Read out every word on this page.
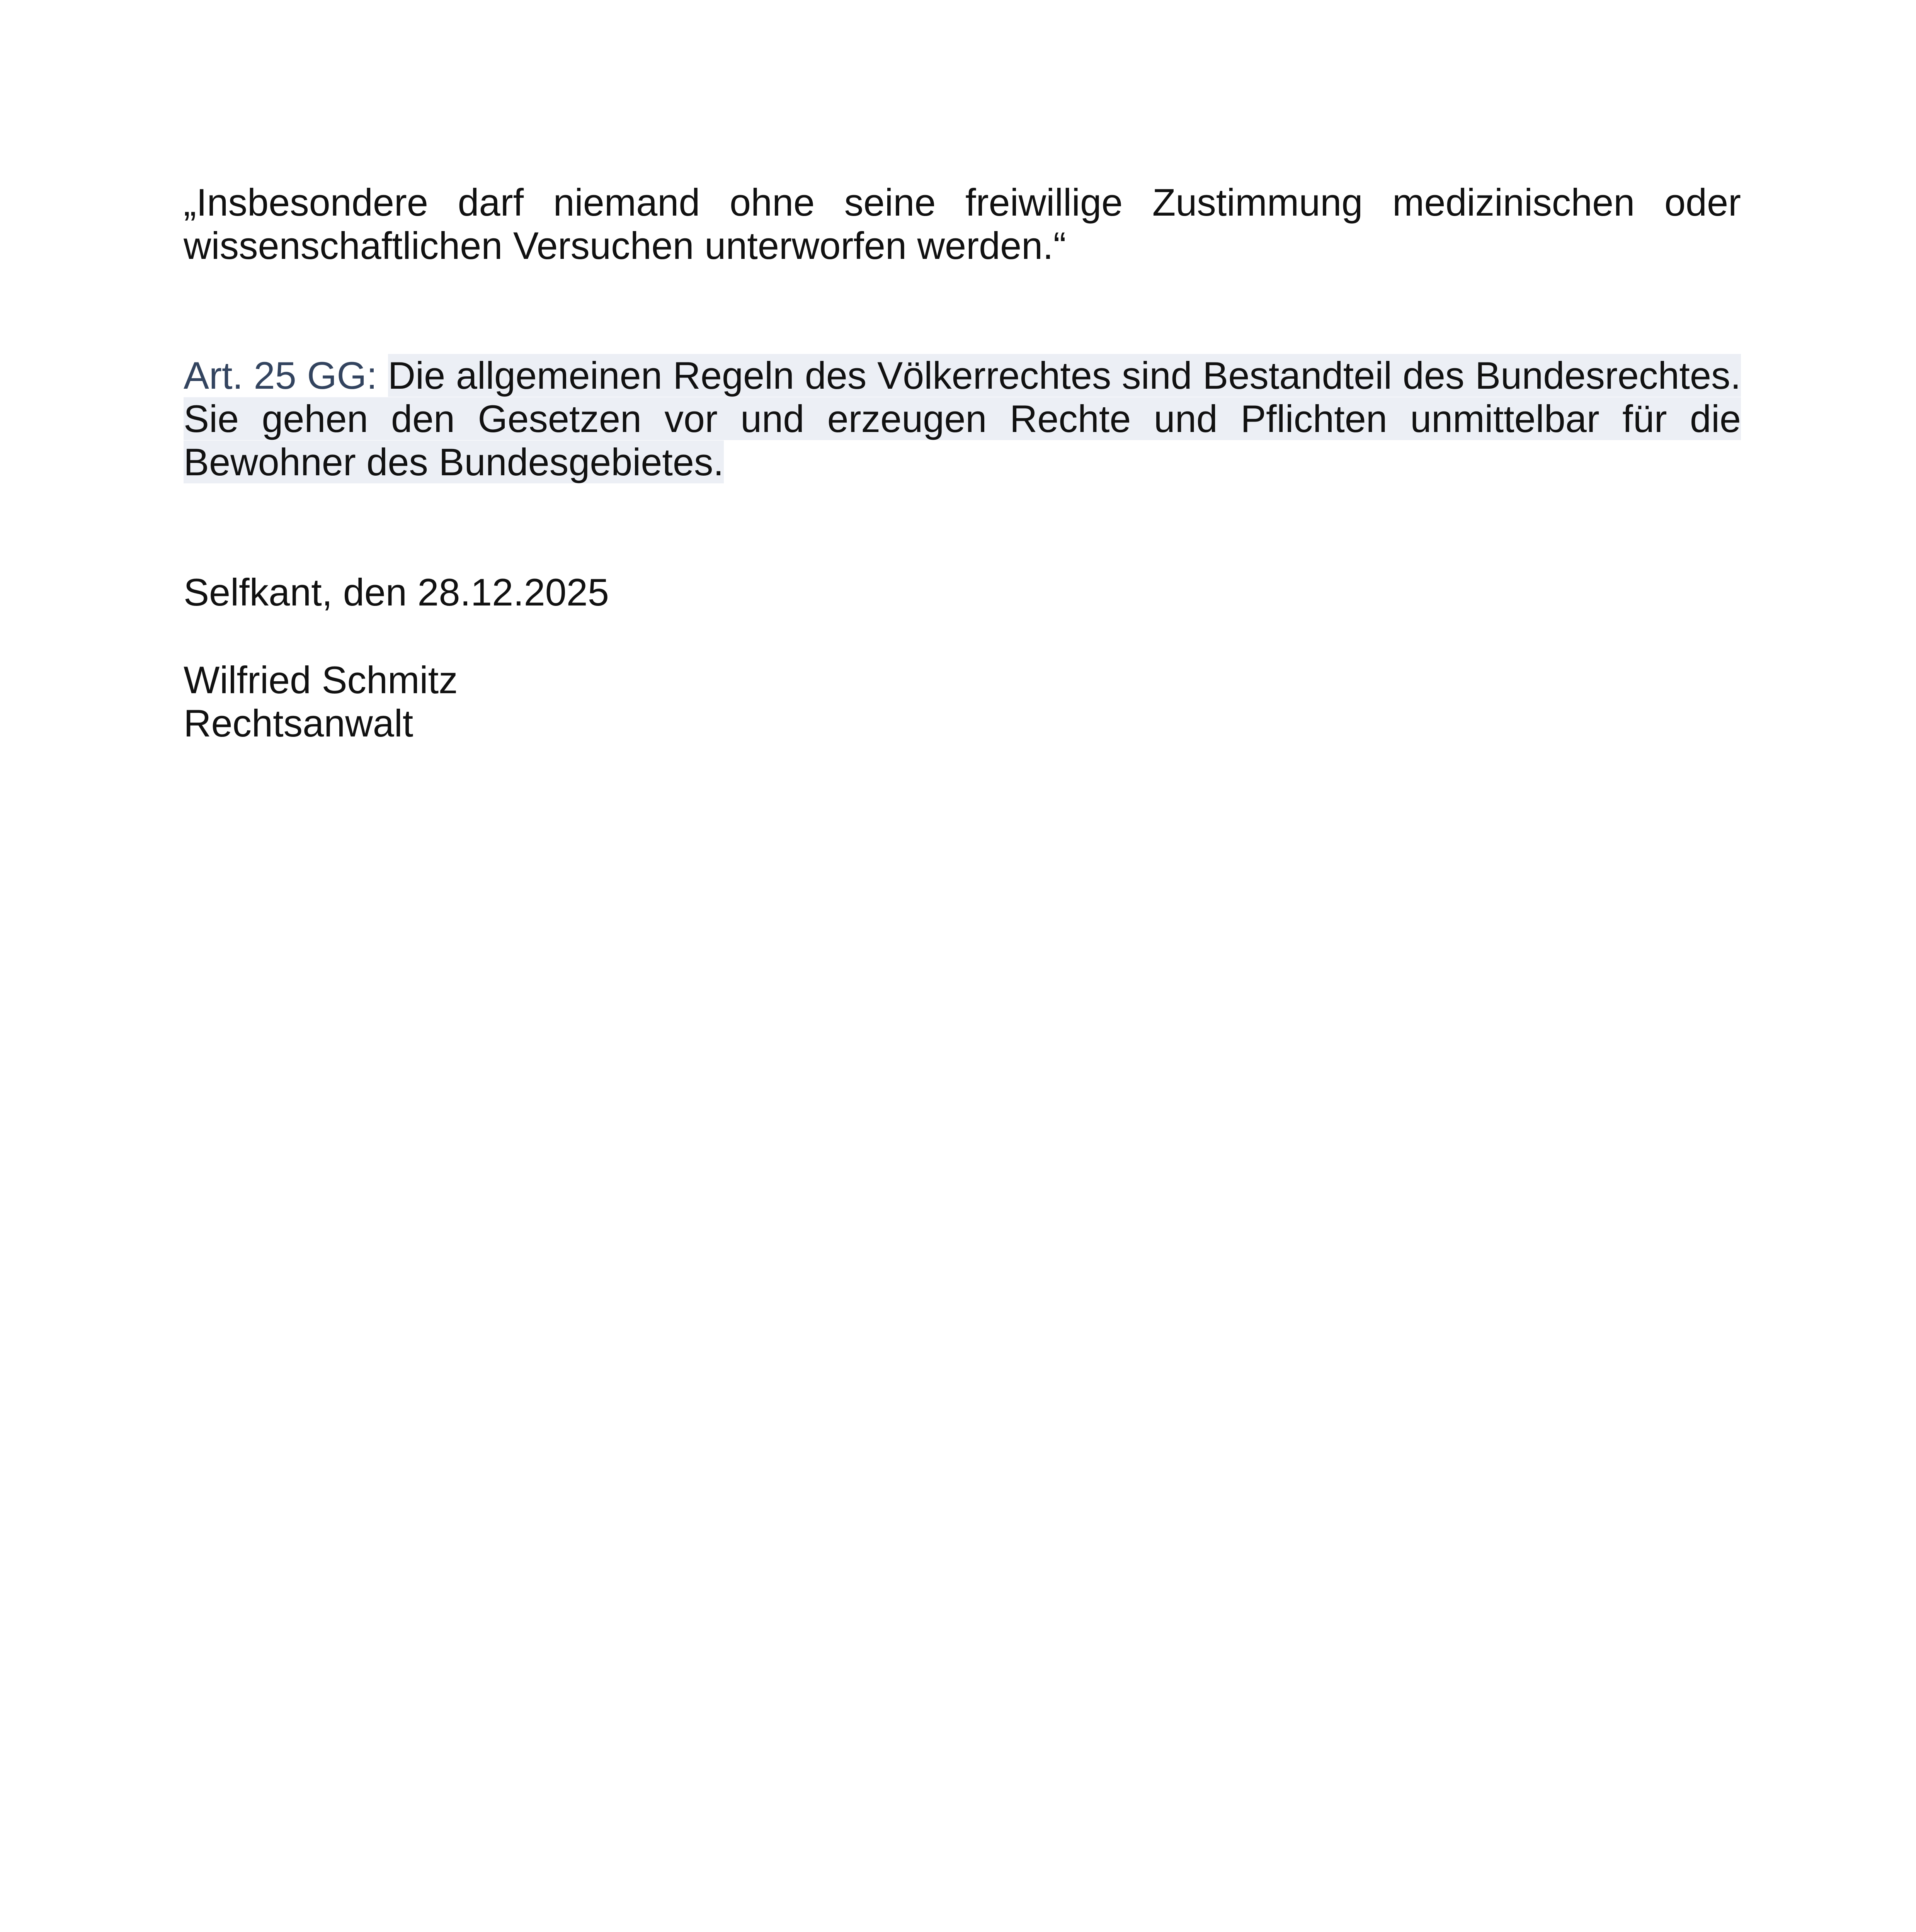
„Insbesondere darf niemand ohne seine freiwillige Zustimmung medizinischen oder wissenschaftlichen Versuchen unterworfen werden.“

Art. 25 GG: Die allgemeinen Regeln des Völkerrechtes sind Bestandteil des Bundesrechtes. Sie gehen den Gesetzen vor und erzeugen Rechte und Pflichten unmittelbar für die Bewohner des Bundesgebietes.

Selfkant, den 28.12.2025

Wilfried Schmitz
Rechtsanwalt
